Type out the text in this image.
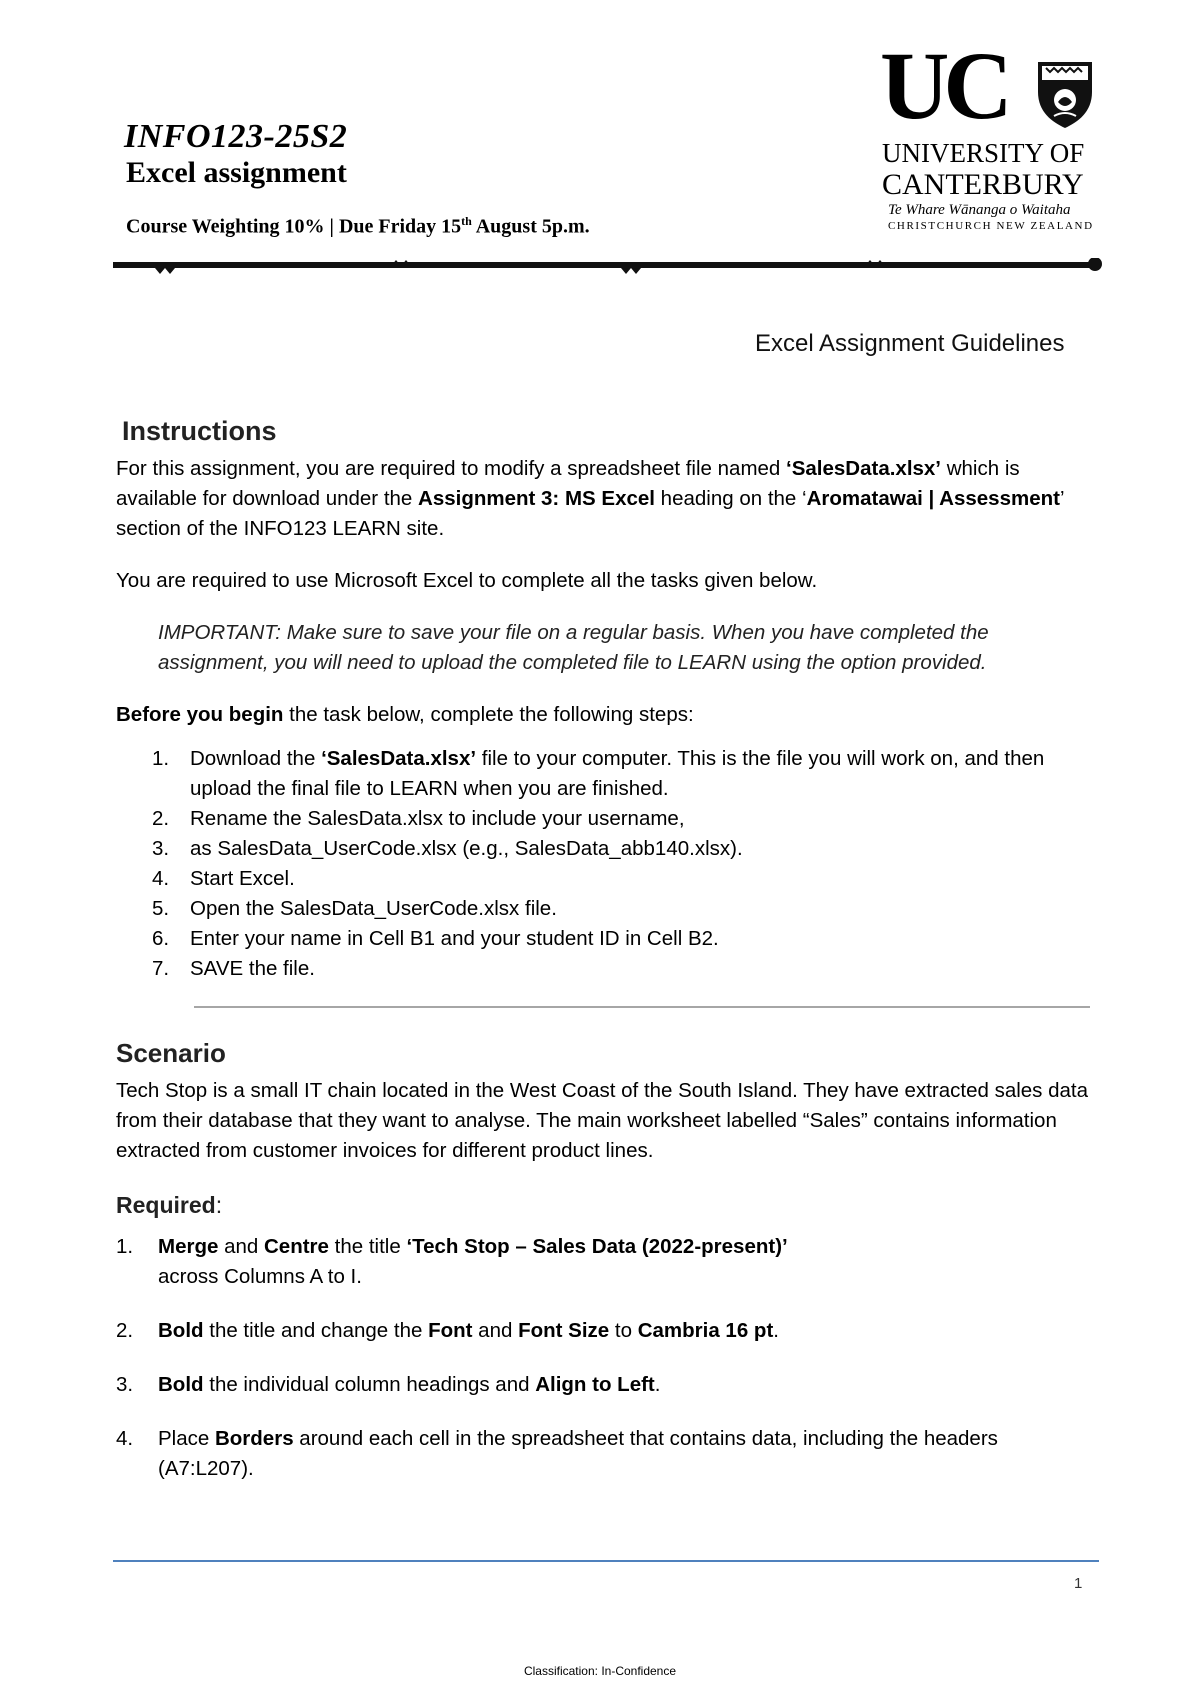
INFO123-25S2
Excel assignment
Course Weighting 10% | Due Friday 15th August 5p.m.
UC
UNIVERSITY OF
CANTERBURY
Te Whare Wānanga o Waitaha
CHRISTCHURCH NEW ZEALAND
Excel Assignment Guidelines
Instructions

For this assignment, you are required to modify a spreadsheet file named ‘SalesData.xlsx’ which is available for download under the Assignment 3: MS Excel heading on the ‘Aromatawai | Assessment’ section of the INFO123 LEARN site.

You are required to use Microsoft Excel to complete all the tasks given below.

IMPORTANT: Make sure to save your file on a regular basis. When you have completed the assignment, you will need to upload the completed file to LEARN using the option provided.

Before you begin the task below, complete the following steps:

1. Download the ‘SalesData.xlsx’ file to your computer. This is the file you will work on, and then upload the final file to LEARN when you are finished.
2. Rename the SalesData.xlsx to include your username,
3. as SalesData_UserCode.xlsx (e.g., SalesData_abb140.xlsx).
4. Start Excel.
5. Open the SalesData_UserCode.xlsx file.
6. Enter your name in Cell B1 and your student ID in Cell B2.
7. SAVE the file.
Scenario

Tech Stop is a small IT chain located in the West Coast of the South Island. They have extracted sales data from their database that they want to analyse. The main worksheet labelled “Sales” contains information extracted from customer invoices for different product lines.

Required:
1. Merge and Centre the title ‘Tech Stop – Sales Data (2022-present)’
across Columns A to I.
2. Bold the title and change the Font and Font Size to Cambria 16 pt.
3. Bold the individual column headings and Align to Left.
4. Place Borders around each cell in the spreadsheet that contains data, including the headers (A7:L207).
1
Classification: In-Confidence
